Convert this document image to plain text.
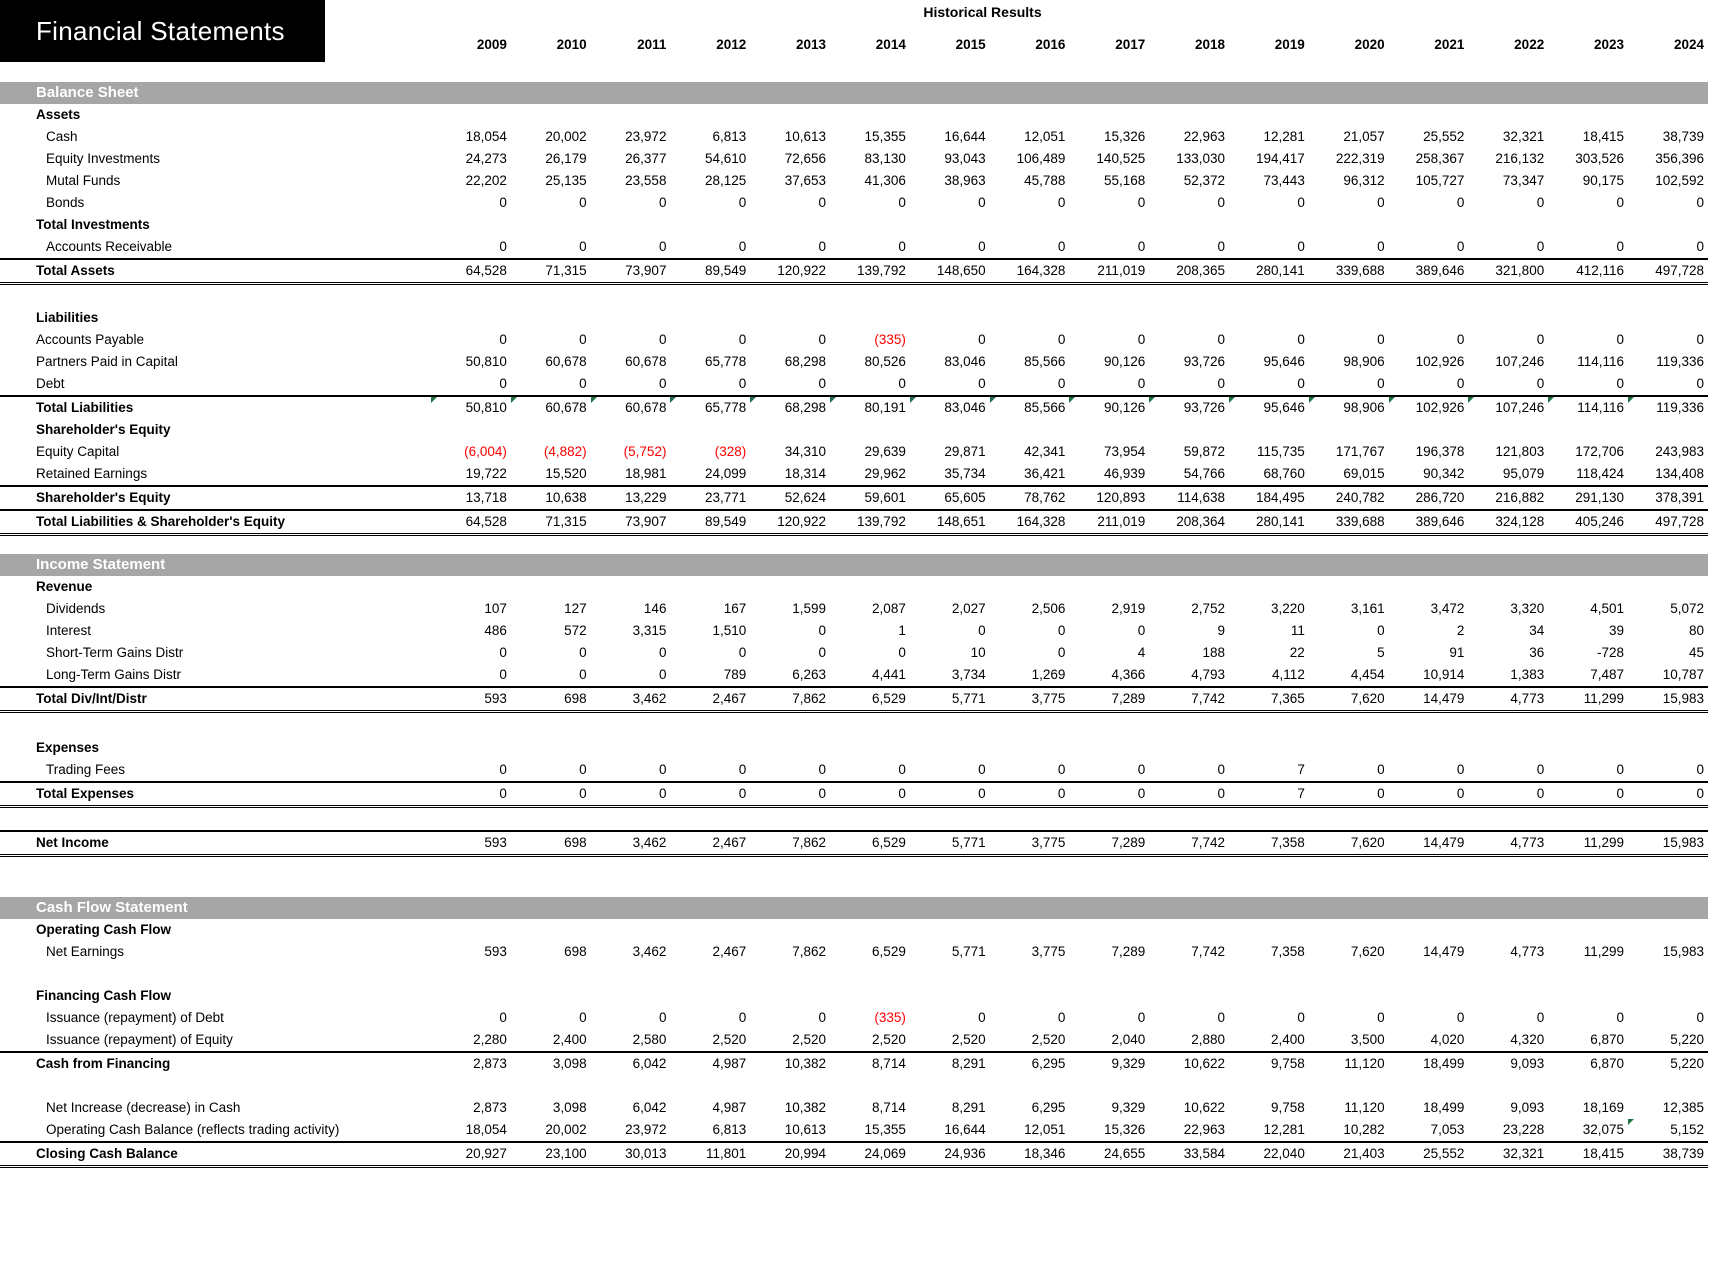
Historical Results
	2009	2010	2011	2012	2013	2014	2015	2016	2017	2018	2019	2020	2021	2022	2023	2024

Balance Sheet																
Assets																
Cash	18,054	20,002	23,972	6,813	10,613	15,355	16,644	12,051	15,326	22,963	12,281	21,057	25,552	32,321	18,415	38,739
Equity Investments	24,273	26,179	26,377	54,610	72,656	83,130	93,043	106,489	140,525	133,030	194,417	222,319	258,367	216,132	303,526	356,396
Mutal Funds	22,202	25,135	23,558	28,125	37,653	41,306	38,963	45,788	55,168	52,372	73,443	96,312	105,727	73,347	90,175	102,592
Bonds	0	0	0	0	0	0	0	0	0	0	0	0	0	0	0	0
Total Investments																
Accounts Receivable	0	0	0	0	0	0	0	0	0	0	0	0	0	0	0	0
Total Assets	64,528	71,315	73,907	89,549	120,922	139,792	148,650	164,328	211,019	208,365	280,141	339,688	389,646	321,800	412,116	497,728

Liabilities																
Accounts Payable	0	0	0	0	0	(335)	0	0	0	0	0	0	0	0	0	0
Partners Paid in Capital	50,810	60,678	60,678	65,778	68,298	80,526	83,046	85,566	90,126	93,726	95,646	98,906	102,926	107,246	114,116	119,336
Debt	0	0	0	0	0	0	0	0	0	0	0	0	0	0	0	0
Total Liabilities	50,810	60,678	60,678	65,778	68,298	80,191	83,046	85,566	90,126	93,726	95,646	98,906	102,926	107,246	114,116	119,336

Shareholder's Equity																
Equity Capital	(6,004)	(4,882)	(5,752)	(328)	34,310	29,639	29,871	42,341	73,954	59,872	115,735	171,767	196,378	121,803	172,706	243,983
Retained Earnings	19,722	15,520	18,981	24,099	18,314	29,962	35,734	36,421	46,939	54,766	68,760	69,015	90,342	95,079	118,424	134,408
Shareholder's Equity	13,718	10,638	13,229	23,771	52,624	59,601	65,605	78,762	120,893	114,638	184,495	240,782	286,720	216,882	291,130	378,391
Total Liabilities & Shareholder's Equity	64,528	71,315	73,907	89,549	120,922	139,792	148,651	164,328	211,019	208,364	280,141	339,688	389,646	324,128	405,246	497,728

Income Statement																
Revenue																
Dividends	107	127	146	167	1,599	2,087	2,027	2,506	2,919	2,752	3,220	3,161	3,472	3,320	4,501	5,072
Interest	486	572	3,315	1,510	0	1	0	0	0	9	11	0	2	34	39	80
Short-Term Gains Distr	0	0	0	0	0	0	10	0	4	188	22	5	91	36	-728	45
Long-Term Gains Distr	0	0	0	789	6,263	4,441	3,734	1,269	4,366	4,793	4,112	4,454	10,914	1,383	7,487	10,787
Total Div/Int/Distr	593	698	3,462	2,467	7,862	6,529	5,771	3,775	7,289	7,742	7,365	7,620	14,479	4,773	11,299	15,983

Expenses																
Trading Fees	0	0	0	0	0	0	0	0	0	0	7	0	0	0	0	0
Total Expenses	0	0	0	0	0	0	0	0	0	0	7	0	0	0	0	0

Net Income	593	698	3,462	2,467	7,862	6,529	5,771	3,775	7,289	7,742	7,358	7,620	14,479	4,773	11,299	15,983

Cash Flow Statement																
Operating Cash Flow																
Net Earnings	593	698	3,462	2,467	7,862	6,529	5,771	3,775	7,289	7,742	7,358	7,620	14,479	4,773	11,299	15,983

Financing Cash Flow																
Issuance (repayment) of Debt	0	0	0	0	0	(335)	0	0	0	0	0	0	0	0	0	0
Issuance (repayment) of Equity	2,280	2,400	2,580	2,520	2,520	2,520	2,520	2,520	2,040	2,880	2,400	3,500	4,020	4,320	6,870	5,220
Cash from Financing	2,873	3,098	6,042	4,987	10,382	8,714	8,291	6,295	9,329	10,622	9,758	11,120	18,499	9,093	6,870	5,220

Net Increase (decrease) in Cash	2,873	3,098	6,042	4,987	10,382	8,714	8,291	6,295	9,329	10,622	9,758	11,120	18,499	9,093	18,169	12,385
Operating Cash Balance (reflects trading activity)	18,054	20,002	23,972	6,813	10,613	15,355	16,644	12,051	15,326	22,963	12,281	10,282	7,053	23,228	32,075	5,152

Closing Cash Balance	20,927	23,100	30,013	11,801	20,994	24,069	24,936	18,346	24,655	33,584	22,040	21,403	25,552	32,321	18,415	38,739
Financial Statements
